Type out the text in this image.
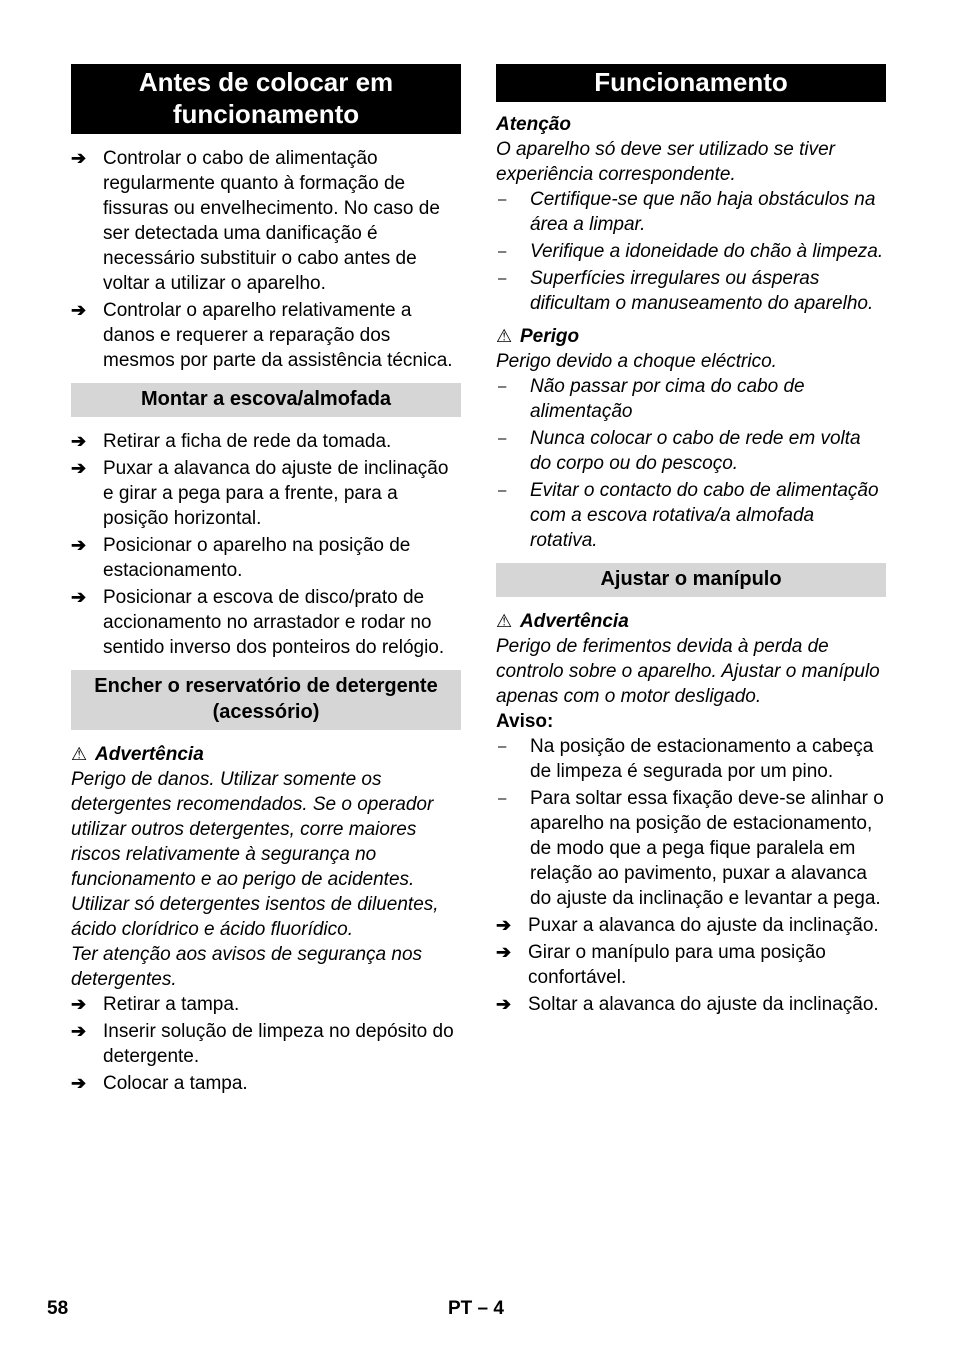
Antes de colocar em funcionamento
➔ Controlar o cabo de alimentação regularmente quanto à formação de fissuras ou envelhecimento. No caso de ser detectada uma danificação é necessário substituir o cabo antes de voltar a utilizar o aparelho.
➔ Controlar o aparelho relativamente a danos e requerer a reparação dos mesmos por parte da assistência técnica.
Montar a escova/almofada
➔ Retirar a ficha de rede da tomada.
➔ Puxar a alavanca do ajuste de inclinação e girar a pega para a frente, para a posição horizontal.
➔ Posicionar o aparelho na posição de estacionamento.
➔ Posicionar a escova de disco/prato de accionamento no arrastador e rodar no sentido inverso dos ponteiros do relógio.
Encher o reservatório de detergente (acessório)
⚠ Advertência
Perigo de danos. Utilizar somente os detergentes recomendados. Se o operador utilizar outros detergentes, corre maiores riscos relativamente à segurança no funcionamento e ao perigo de acidentes. Utilizar só detergentes isentos de diluentes, ácido clorídrico e ácido fluorídico.
Ter atenção aos avisos de segurança nos detergentes.
➔ Retirar a tampa.
➔ Inserir solução de limpeza no depósito do detergente.
➔ Colocar a tampa.
Funcionamento
Atenção
O aparelho só deve ser utilizado se tiver experiência correspondente.
–	Certifique-se que não haja obstáculos na área a limpar.
–	Verifique a idoneidade do chão à limpeza.
–	Superfícies irregulares ou ásperas dificultam o manuseamento do aparelho.
⚠ Perigo
Perigo devido a choque eléctrico.
–	Não passar por cima do cabo de alimentação
–	Nunca colocar o cabo de rede em volta do corpo ou do pescoço.
–	Evitar o contacto do cabo de alimentação com a escova rotativa/a almofada rotativa.
Ajustar o manípulo
⚠ Advertência
Perigo de ferimentos devida à perda de controlo sobre o aparelho. Ajustar o manípulo apenas com o motor desligado.
Aviso:
–	Na posição de estacionamento a cabeça de limpeza é segurada por um pino.
–	Para soltar essa fixação deve-se alinhar o aparelho na posição de estacionamento, de modo que a pega fique paralela em relação ao pavimento, puxar a alavanca do ajuste da inclinação e levantar a pega.
➔ Puxar a alavanca do ajuste da inclinação.
➔ Girar o manípulo para uma posição confortável.
➔ Soltar a alavanca do ajuste da inclinação.
58	PT – 4
